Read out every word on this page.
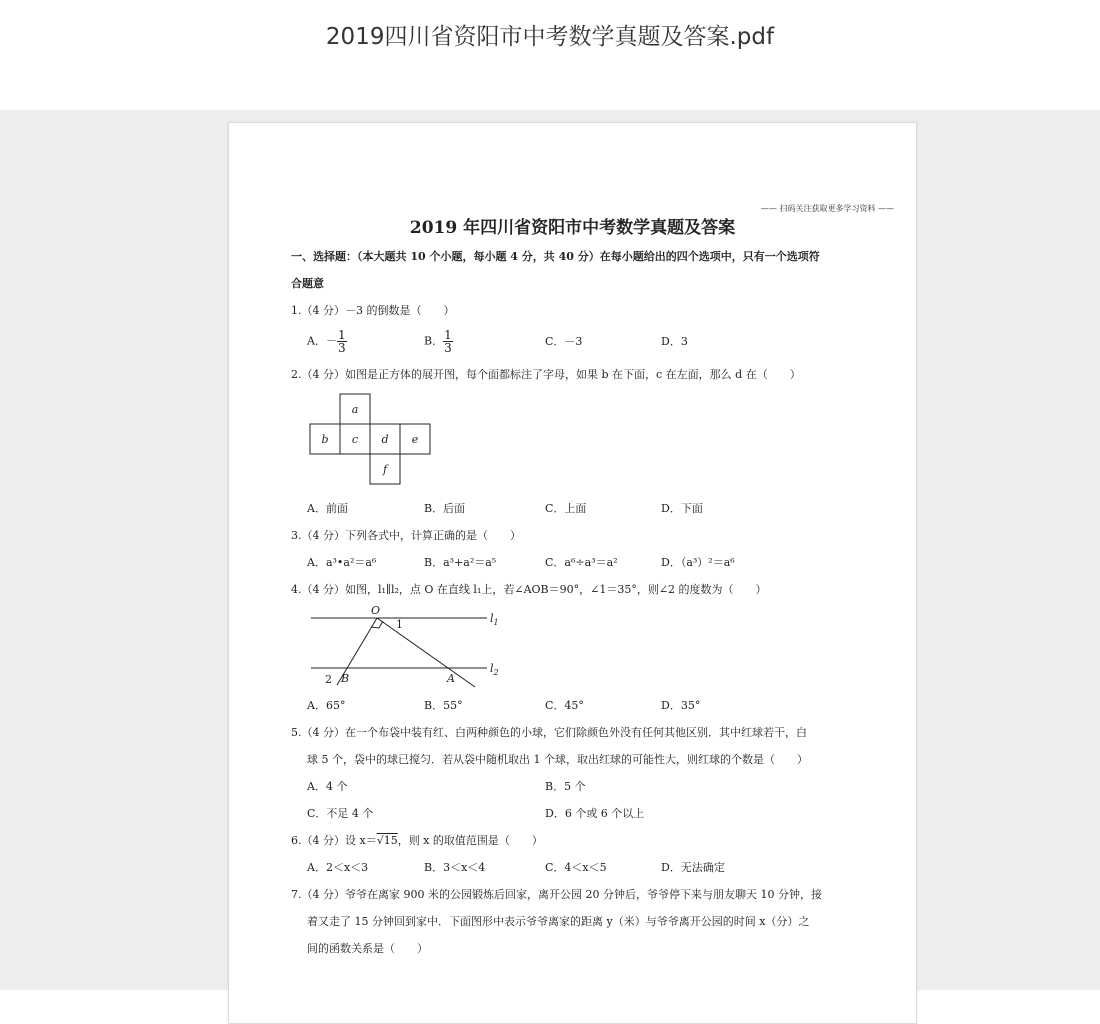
2019四川省资阳市中考数学真题及答案.pdf
—— 扫码关注获取更多学习资料 ——
2019 年四川省资阳市中考数学真题及答案
一、选择题：（本大题共 10 个小题，每小题 4 分，共 40 分）在每小题给出的四个选项中，只有一个选项符
合题意
1.（4 分）－3 的倒数是（　　）
A．－ $\frac{1}{3}$	B． $\frac{1}{3}$	C．－3	D．3
2.（4 分）如图是正方体的展开图，每个面都标注了字母，如果 b 在下面，c 在左面，那么 d 在（　　）
a
b c d e
f
A．前面	B．后面	C．上面	D．下面
3.（4 分）下列各式中，计算正确的是（　　）
A．a³•a²＝a⁶	B．a³+a²＝a⁵	C．a⁶÷a³＝a²	D．（a³）²＝a⁶
4.（4 分）如图，l₁∥l₂，点 O 在直线 l₁上，若∠AOB＝90°，∠1＝35°，则∠2 的度数为（　　）
O
1	$l_1$
$l_2$
2 B	A
A．65°	B．55°	C．45°	D．35°
5.（4 分）在一个布袋中装有红、白两种颜色的小球，它们除颜色外没有任何其他区别．其中红球若干，白
球 5 个，袋中的球已搅匀．若从袋中随机取出 1 个球，取出红球的可能性大，则红球的个数是（　　）
A．4 个	B．5 个
C．不足 4 个	D．6 个或 6 个以上
6.（4 分）设 x＝√15，则 x 的取值范围是（　　）
A．2＜x＜3	B．3＜x＜4	C．4＜x＜5	D．无法确定
7.（4 分）爷爷在离家 900 米的公园锻炼后回家，离开公园 20 分钟后，爷爷停下来与朋友聊天 10 分钟，接
着又走了 15 分钟回到家中．下面图形中表示爷爷离家的距离 y（米）与爷爷离开公园的时间 x（分）之
间的函数关系是（　　）
